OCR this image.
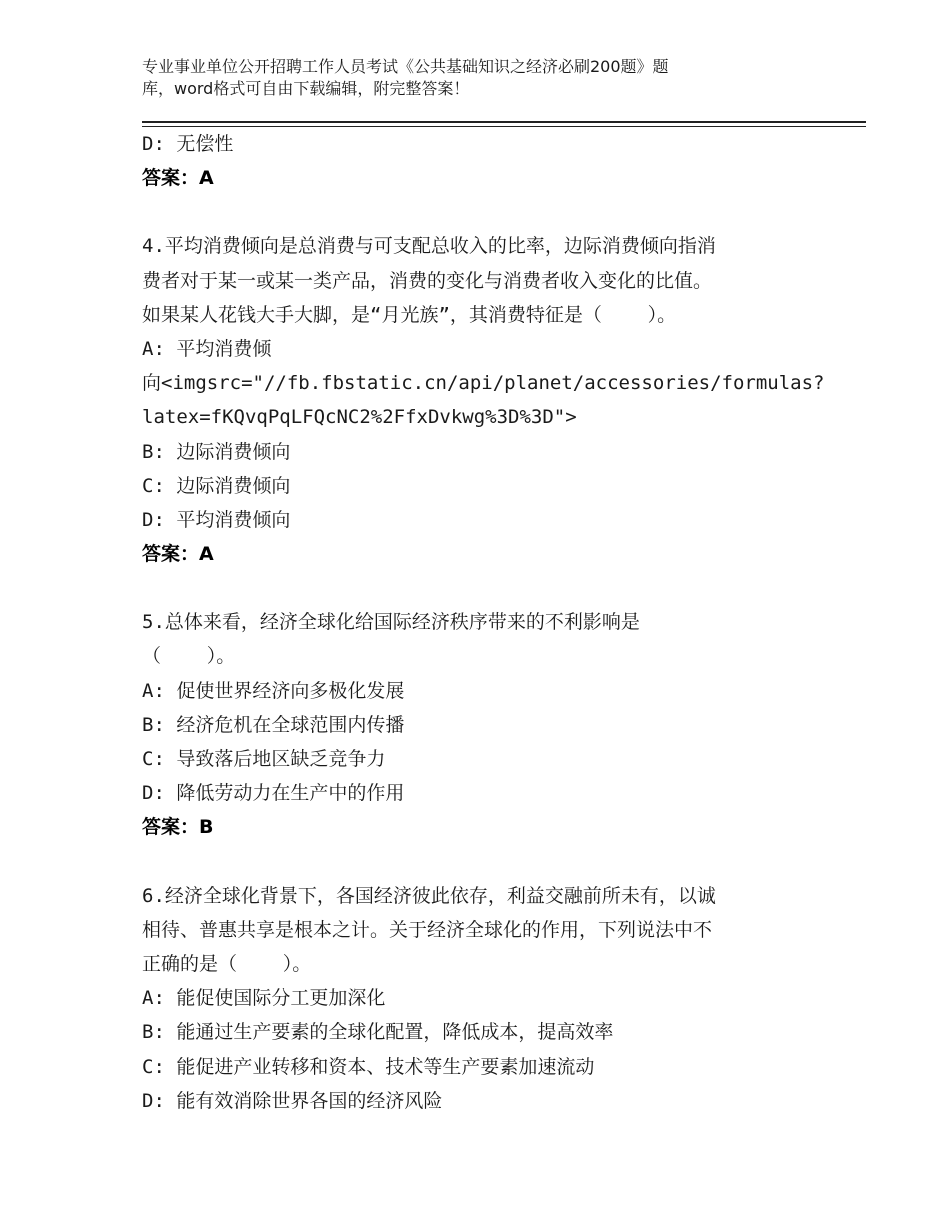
专业事业单位公开招聘工作人员考试《公共基础知识之经济必刷200题》题
库，word格式可自由下载编辑，附完整答案！
D: 无偿性
答案：A
4.平均消费倾向是总消费与可支配总收入的比率，边际消费倾向指消
费者对于某一或某一类产品，消费的变化与消费者收入变化的比值。
如果某人花钱大手大脚，是“月光族”，其消费特征是（    ）。
A: 平均消费倾
向<imgsrc="//fb.fbstatic.cn/api/planet/accessories/formulas?
latex=fKQvqPqLFQcNC2%2FfxDvkwg%3D%3D">
B: 边际消费倾向
C: 边际消费倾向
D: 平均消费倾向
答案：A
5.总体来看，经济全球化给国际经济秩序带来的不利影响是
（    ）。
A: 促使世界经济向多极化发展
B: 经济危机在全球范围内传播
C: 导致落后地区缺乏竞争力
D: 降低劳动力在生产中的作用
答案：B
6.经济全球化背景下，各国经济彼此依存，利益交融前所未有，以诚
相待、普惠共享是根本之计。关于经济全球化的作用，下列说法中不
正确的是（    ）。
A: 能促使国际分工更加深化
B: 能通过生产要素的全球化配置，降低成本，提高效率
C: 能促进产业转移和资本、技术等生产要素加速流动
D: 能有效消除世界各国的经济风险
